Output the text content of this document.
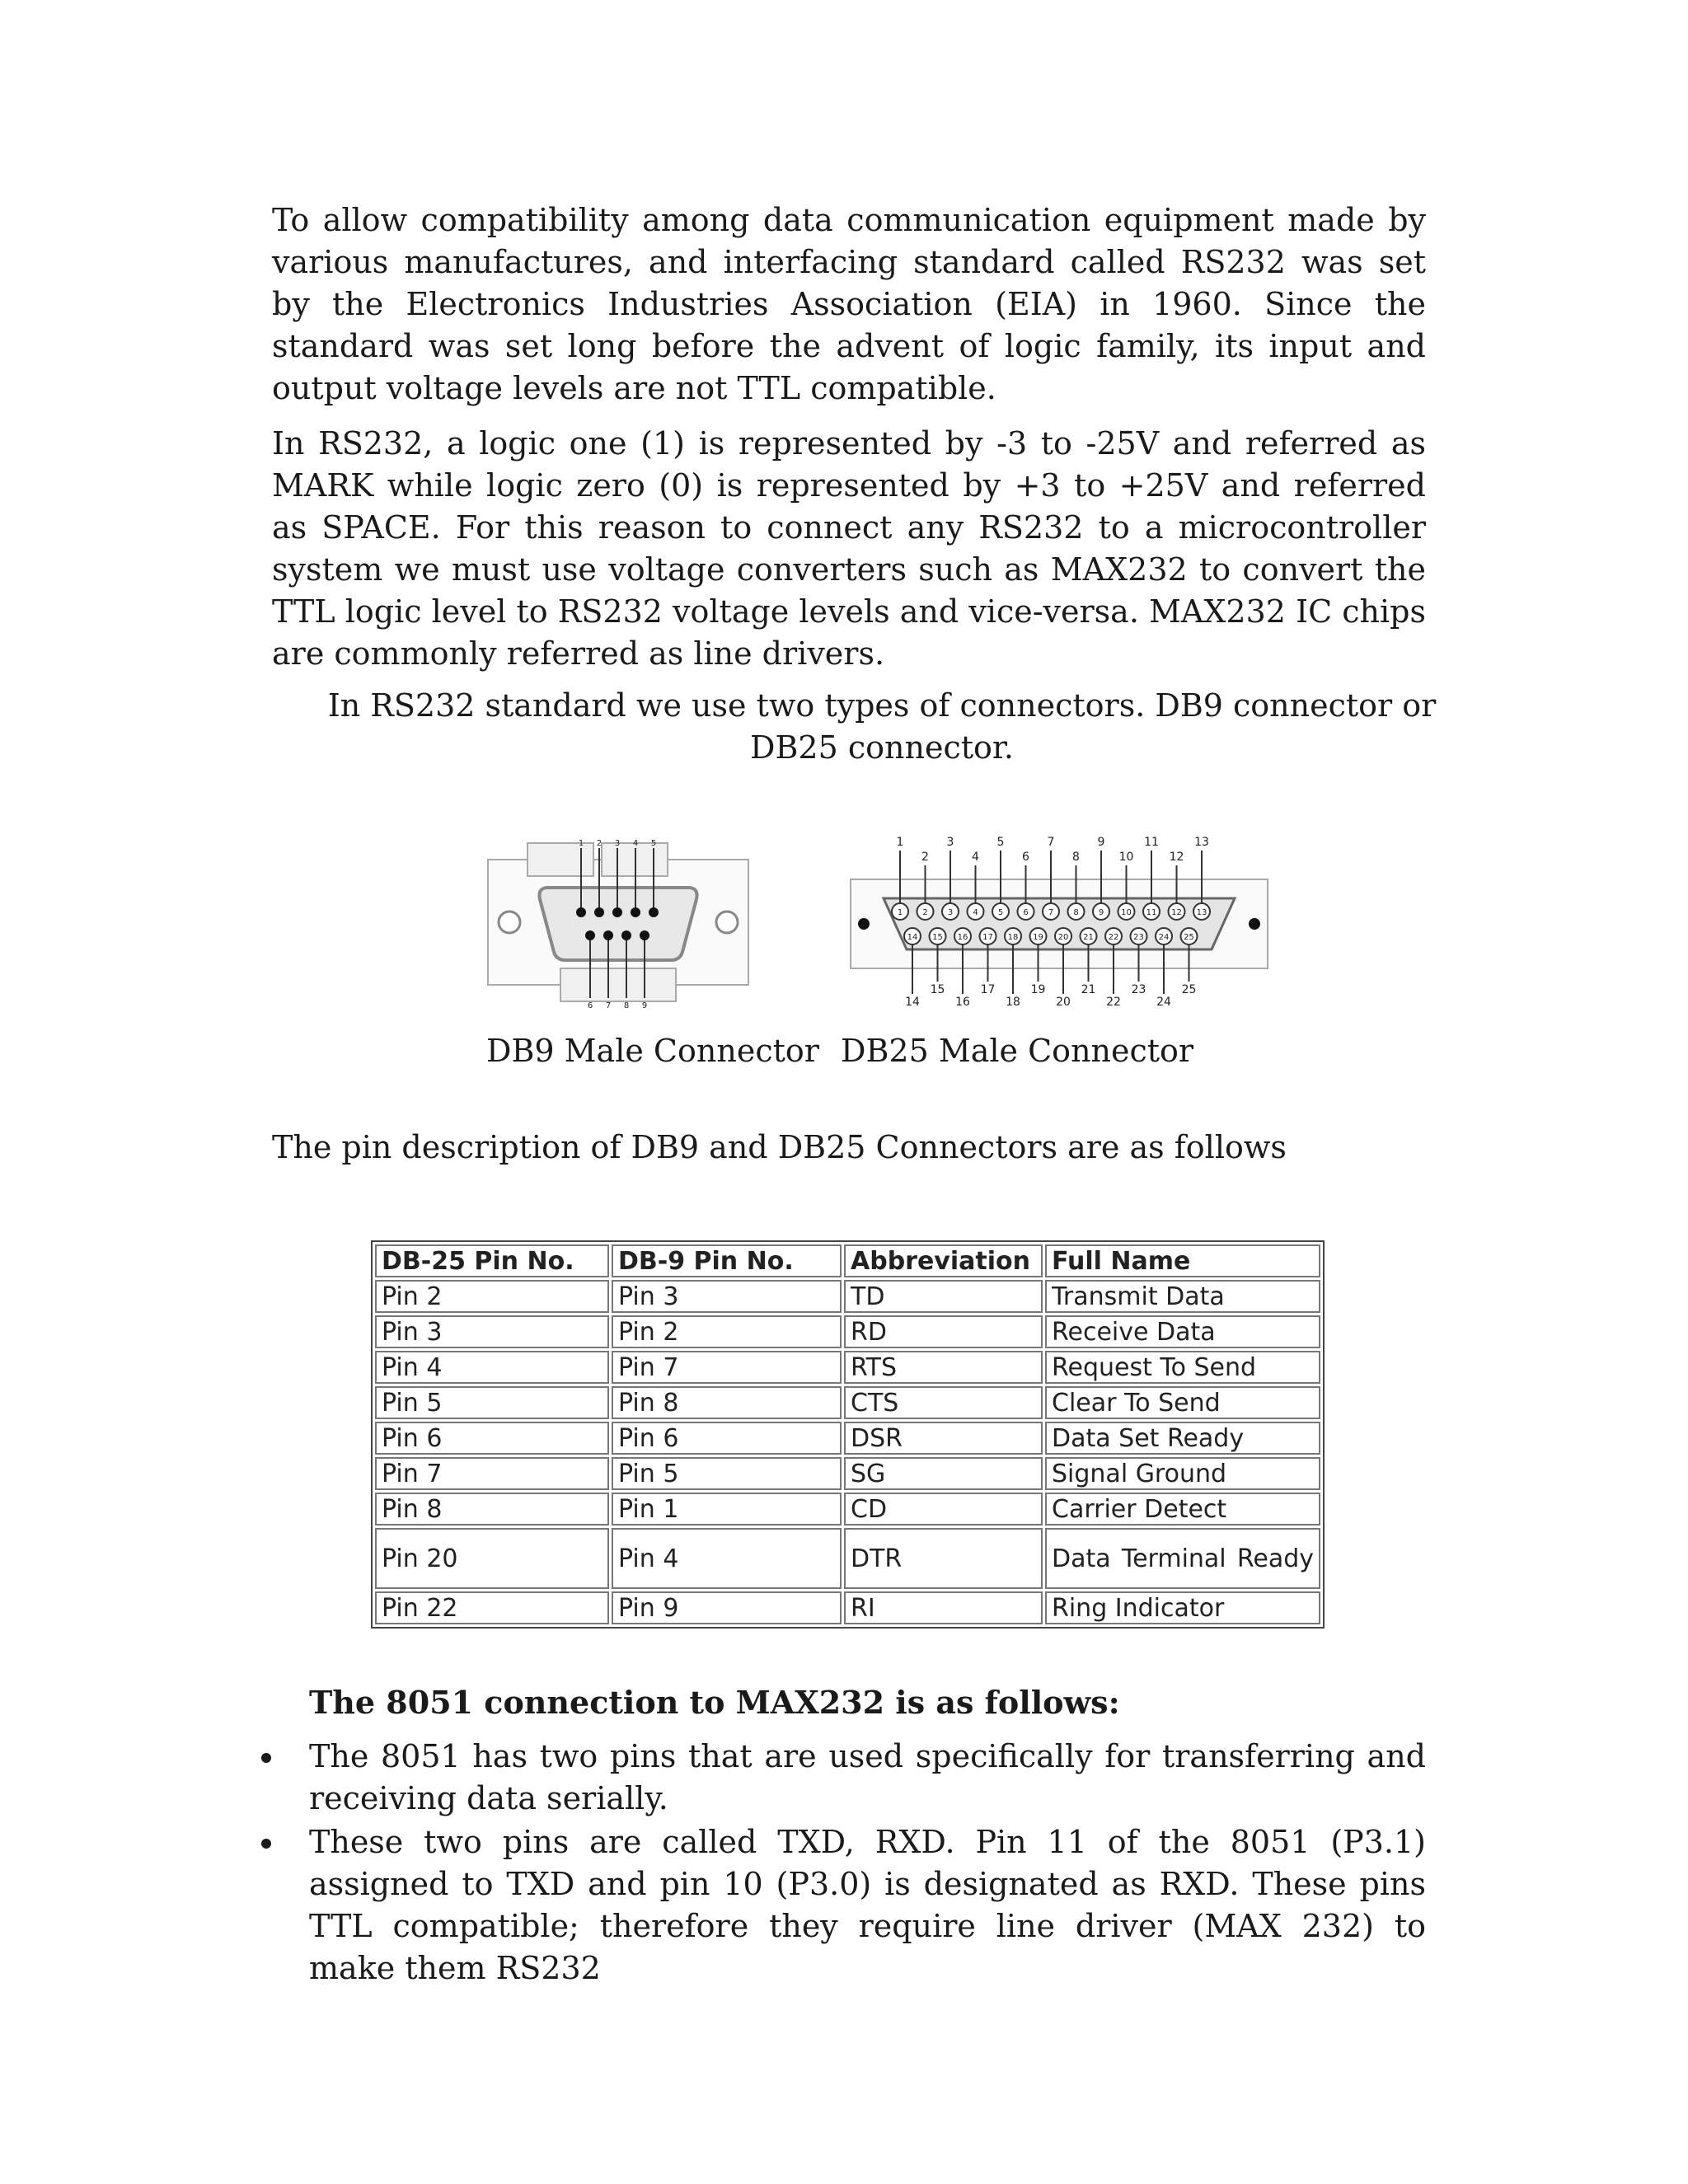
To allow compatibility among data communication equipment made by various manufactures, and interfacing standard called RS232 was set by the Electronics Industries Association (EIA) in 1960. Since the standard was set long before the advent of logic family, its input and output voltage levels are not TTL compatible.

In RS232, a logic one (1) is represented by -3 to -25V and referred as MARK while logic zero (0) is represented by +3 to +25V and referred as SPACE. For this reason to connect any RS232 to a microcontroller system we must use voltage converters such as MAX232 to convert the TTL logic level to RS232 voltage levels and vice-versa. MAX232 IC chips are commonly referred as line drivers.

In RS232 standard we use two types of connectors. DB9 connector or DB25 connector.

1 2 3 4 5
6 7 8 9
1
1
2
2
3
3
4
4
5
5
6
6
7
7
8
8
9
9
10
10
11
11
12
12
13
13
14
14
15
15
16
16
17
17
18
18
19
19
20
20
21
21
22
22
23
23
24
24
25
25
DB9 Male Connector DB25 Male Connector

The pin description of DB9 and DB25 Connectors are as follows

DB-25 Pin No.	DB-9 Pin No.	Abbreviation	Full Name
Pin 2	Pin 3	TD	Transmit Data
Pin 3	Pin 2	RD	Receive Data
Pin 4	Pin 7	RTS	Request To Send
Pin 5	Pin 8	CTS	Clear To Send
Pin 6	Pin 6	DSR	Data Set Ready
Pin 7	Pin 5	SG	Signal Ground
Pin 8	Pin 1	CD	Carrier Detect
Pin 20	Pin 4	DTR	Data Terminal Ready
Pin 22	Pin 9	RI	Ring Indicator
The 8051 connection to MAX232 is as follows:
The 8051 has two pins that are used specifically for transferring and receiving data serially.
These two pins are called TXD, RXD. Pin 11 of the 8051 (P3.1) assigned to TXD and pin 10 (P3.0) is designated as RXD. These pins TTL compatible; therefore they require line driver (MAX 232) to make them RS232
